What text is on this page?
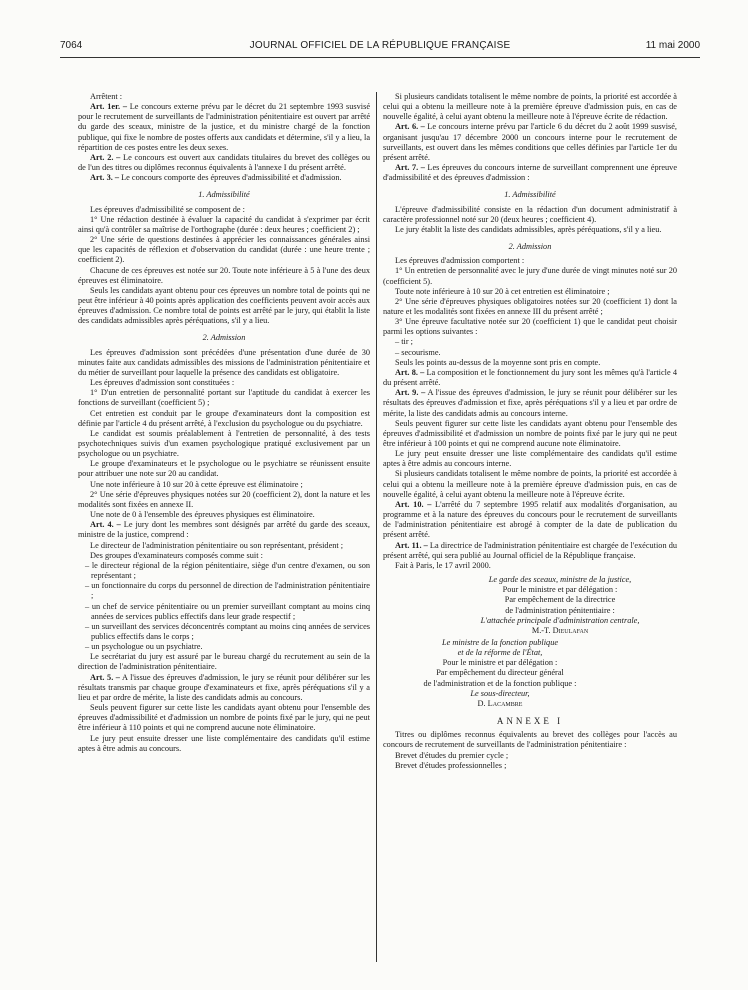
7064	JOURNAL OFFICIEL DE LA RÉPUBLIQUE FRANÇAISE	11 mai 2000

Arrêtent :

Art. 1er. – Le concours externe prévu par le décret du 21 septembre 1993 susvisé pour le recrutement de surveillants de l'administration pénitentiaire est ouvert par arrêté du garde des sceaux, ministre de la justice, et du ministre chargé de la fonction publique, qui fixe le nombre de postes offerts aux candidats et détermine, s'il y a lieu, la répartition de ces postes entre les deux sexes.

Art. 2. – Le concours est ouvert aux candidats titulaires du brevet des collèges ou de l'un des titres ou diplômes reconnus équivalents à l'annexe I du présent arrêté.

Art. 3. – Le concours comporte des épreuves d'admissibilité et d'admission.

1. Admissibilité

Les épreuves d'admissibilité se composent de :

1° Une rédaction destinée à évaluer la capacité du candidat à s'exprimer par écrit ainsi qu'à contrôler sa maîtrise de l'orthographe (durée : deux heures ; coefficient 2) ;

2° Une série de questions destinées à apprécier les connaissances générales ainsi que les capacités de réflexion et d'observation du candidat (durée : une heure trente ; coefficient 2).

Chacune de ces épreuves est notée sur 20. Toute note inférieure à 5 à l'une des deux épreuves est éliminatoire.

Seuls les candidats ayant obtenu pour ces épreuves un nombre total de points qui ne peut être inférieur à 40 points après application des coefficients peuvent avoir accès aux épreuves d'admission. Ce nombre total de points est arrêté par le jury, qui établit la liste des candidats admissibles après péréquations, s'il y a lieu.

2. Admission

Les épreuves d'admission sont précédées d'une présentation d'une durée de 30 minutes faite aux candidats admissibles des missions de l'administration pénitentiaire et du métier de surveillant pour laquelle la présence des candidats est obligatoire.

Les épreuves d'admission sont constituées :

1° D'un entretien de personnalité portant sur l'aptitude du candidat à exercer les fonctions de surveillant (coefficient 5) ;

Cet entretien est conduit par le groupe d'examinateurs dont la composition est définie par l'article 4 du présent arrêté, à l'exclusion du psychologue ou du psychiatre.

Le candidat est soumis préalablement à l'entretien de personnalité, à des tests psychotechniques suivis d'un examen psychologique pratiqué exclusivement par un psychologue ou un psychiatre.

Le groupe d'examinateurs et le psychologue ou le psychiatre se réunissent ensuite pour attribuer une note sur 20 au candidat.

Une note inférieure à 10 sur 20 à cette épreuve est éliminatoire ;

2° Une série d'épreuves physiques notées sur 20 (coefficient 2), dont la nature et les modalités sont fixées en annexe II.

Une note de 0 à l'ensemble des épreuves physiques est éliminatoire.

Art. 4. – Le jury dont les membres sont désignés par arrêté du garde des sceaux, ministre de la justice, comprend :

Le directeur de l'administration pénitentiaire ou son représentant, président ;

Des groupes d'examinateurs composés comme suit :

– le directeur régional de la région pénitentiaire, siège d'un centre d'examen, ou son représentant ;

– un fonctionnaire du corps du personnel de direction de l'administration pénitentiaire ;

– un chef de service pénitentiaire ou un premier surveillant comptant au moins cinq années de services publics effectifs dans leur grade respectif ;

– un surveillant des services déconcentrés comptant au moins cinq années de services publics effectifs dans le corps ;

– un psychologue ou un psychiatre.

Le secrétariat du jury est assuré par le bureau chargé du recrutement au sein de la direction de l'administration pénitentiaire.

Art. 5. – A l'issue des épreuves d'admission, le jury se réunit pour délibérer sur les résultats transmis par chaque groupe d'examinateurs et fixe, après péréquations s'il y a lieu et par ordre de mérite, la liste des candidats admis au concours.

Seuls peuvent figurer sur cette liste les candidats ayant obtenu pour l'ensemble des épreuves d'admissibilité et d'admission un nombre de points fixé par le jury, qui ne peut être inférieur à 110 points et qui ne comprend aucune note éliminatoire.

Le jury peut ensuite dresser une liste complémentaire des candidats qu'il estime aptes à être admis au concours.

Si plusieurs candidats totalisent le même nombre de points, la priorité est accordée à celui qui a obtenu la meilleure note à la première épreuve d'admission puis, en cas de nouvelle égalité, à celui ayant obtenu la meilleure note à l'épreuve écrite de rédaction.

Art. 6. – Le concours interne prévu par l'article 6 du décret du 2 août 1999 susvisé, organisant jusqu'au 17 décembre 2000 un concours interne pour le recrutement de surveillants, est ouvert dans les mêmes conditions que celles définies par l'article 1er du présent arrêté.

Art. 7. – Les épreuves du concours interne de surveillant comprennent une épreuve d'admissibilité et des épreuves d'admission :

1. Admissibilité

L'épreuve d'admissibilité consiste en la rédaction d'un document administratif à caractère professionnel noté sur 20 (deux heures ; coefficient 4).

Le jury établit la liste des candidats admissibles, après péréquations, s'il y a lieu.

2. Admission

Les épreuves d'admission comportent :

1° Un entretien de personnalité avec le jury d'une durée de vingt minutes noté sur 20 (coefficient 5).

Toute note inférieure à 10 sur 20 à cet entretien est éliminatoire ;

2° Une série d'épreuves physiques obligatoires notées sur 20 (coefficient 1) dont la nature et les modalités sont fixées en annexe III du présent arrêté ;

3° Une épreuve facultative notée sur 20 (coefficient 1) que le candidat peut choisir parmi les options suivantes :

– tir ;

– secourisme.

Seuls les points au-dessus de la moyenne sont pris en compte.

Art. 8. – La composition et le fonctionnement du jury sont les mêmes qu'à l'article 4 du présent arrêté.

Art. 9. – A l'issue des épreuves d'admission, le jury se réunit pour délibérer sur les résultats des épreuves d'admission et fixe, après péréquations s'il y a lieu et par ordre de mérite, la liste des candidats admis au concours interne.

Seuls peuvent figurer sur cette liste les candidats ayant obtenu pour l'ensemble des épreuves d'admissibilité et d'admission un nombre de points fixé par le jury qui ne peut être inférieur à 100 points et qui ne comprend aucune note éliminatoire.

Le jury peut ensuite dresser une liste complémentaire des candidats qu'il estime aptes à être admis au concours interne.

Si plusieurs candidats totalisent le même nombre de points, la priorité est accordée à celui qui a obtenu la meilleure note à la première épreuve d'admission puis, en cas de nouvelle égalité, à celui ayant obtenu la meilleure note à l'épreuve écrite.

Art. 10. – L'arrêté du 7 septembre 1995 relatif aux modalités d'organisation, au programme et à la nature des épreuves du concours pour le recrutement de surveillants de l'administration pénitentiaire est abrogé à compter de la date de publication du présent arrêté.

Art. 11. – La directrice de l'administration pénitentiaire est chargée de l'exécution du présent arrêté, qui sera publié au Journal officiel de la République française.

Fait à Paris, le 17 avril 2000.

Le garde des sceaux, ministre de la justice,

Pour le ministre et par délégation :

Par empêchement de la directrice

de l'administration pénitentiaire :

L'attachée principale d'administration centrale,

M.-T. Dieulafan

Le ministre de la fonction publique

et de la réforme de l'État,

Pour le ministre et par délégation :

Par empêchement du directeur général

de l'administration et de la fonction publique :

Le sous-directeur,

D. Lacambre

ANNEXE I

Titres ou diplômes reconnus équivalents au brevet des collèges pour l'accès au concours de recrutement de surveillants de l'administration pénitentiaire :

Brevet d'études du premier cycle ;

Brevet d'études professionnelles ;
